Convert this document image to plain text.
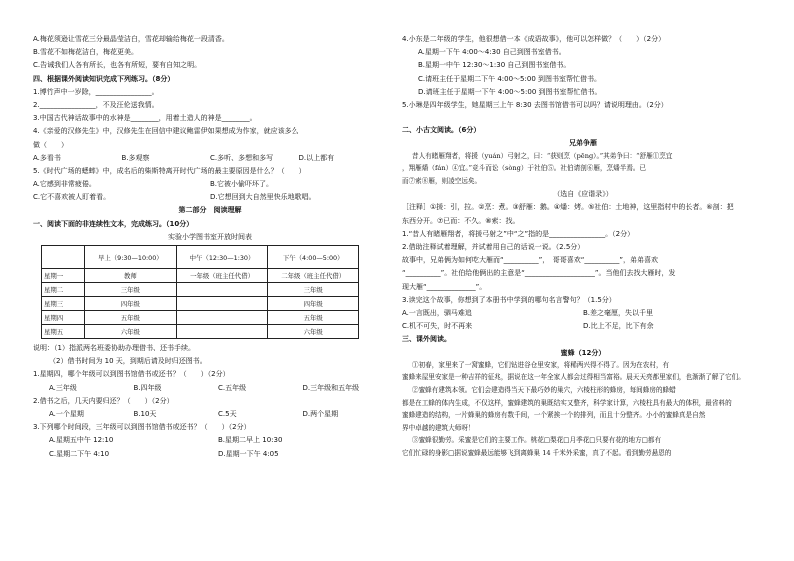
A.梅花须逊让雪花三分最晶莹洁白，雪花却输给梅花一段清香。
B.雪花不如梅花洁白，梅花更美。
C.告诫我们人各有所长，也各有所短，要有自知之明。
四、根据课外阅读知识完成下列练习。（8分）
1.博竹声中一岁除，________________。
2.________________，不及汪伦送我情。
3.中国古代神话故事中的水神是________，用着土造人的神是________。
4.《亲爱的汉修先生》中，汉修先生在回信中建议鲍雷伊如果想成为作家，就应该多么
做（　　）
A.多看书	B.多观察	C.多听、多想和多写	D.以上都有
5.《时代广场的蟋蟀》中，成名后的柴斯特离开时代广场的最主要原因是什么？（　　）
A.它感到非常疲倦。	B.它被小偷吓坏了。
C.它不喜欢被人盯着看。	D.它想回到大自然里快乐地歌唱。
第二部分　阅读理解
一、阅读下面的非连续性文本，完成练习。（10分）
实验小学图书室开放时间表
	早上（9:30—10:00）	中午（12:30—1:30）	下午（4:00—5:00）
星期一	教师	一年级（班主任代借）	二年级（班主任代借）
星期二	三年级		三年级
星期三	四年级		四年级
星期四	五年级		五年级
星期五	六年级		六年级
说明：（1）指派两名班委协助办理借书、还书手续。
（2）借书时间为 10 天，到期后请及时归还图书。
1.星期四，哪个年级可以到图书馆借书或还书？（　　）（2分）
A.三年级	B.四年级	C.五年级	D.三年级和五年级
2.借书之后，几天内要归还？（　　）（2分）
A.一个星期	B.10天	C.5天	D.两个星期
3.下列哪个时间段，三年级可以到图书馆借书或还书？（　　）（2分）
A.星期五中午 12:10	B.星期二早上 10:30
C.星期二下午 4:10	D.星期一下午 4:05
4.小东是二年级的学生，他很想借一本《成语故事》，他可以怎样做？（　　）（2分）
A.星期一下午 4:00～4:30 自己到图书室借书。
B.星期一中午 12:30～1:30 自己到图书室借书。
C.请班主任于星期二下午 4:00～5:00 到图书室帮忙借书。
D.请班主任于星期一下午 4:00～5:00 到图书室帮忙借书。
5.小琳是四年级学生，她星期三上午 8:30 去图书馆借书可以吗？请说明理由。（2分）
二、小古文阅读。（6分）
兄弟争雁
昔人有睹雁翔者，将援（yuán）弓射之，曰：“获则烹（pēng）。”其弟争曰：“舒雁①烹宜
，翔雁燔（fán）④宜。”竞斗而讼（sòng）于社伯⑤。社伯请剖⑥雁，烹燔半焉。已
而⑦索⑧雁，则凌空远矣。
（选自《应谐录》）
［注释］①援：引，拉。②烹：煮。③舒雁：鹅。④燔：烤。⑤社伯：土地神，这里指村中的长者。⑥剖：把
东西分开。⑦已而：不久。⑧索：找。
1.“昔人有睹雁翔者，将援弓射之”中“之”指的是________________。（2分）
2.借助注释试着理解，并试着用自己的话说一说。（2.5分）
故事中，兄弟俩为如何吃大雁而“__________”，　哥哥喜欢“__________”，弟弟喜欢
“__________”。社伯给他俩出的主意是“____________________”。当他们去找大雁时，发
现大雁“______________”。
3.读完这个故事，你想到了本册书中学到的哪句名言警句？（1.5分）
A.一言既出，驷马难追	B.差之毫厘，失以千里
C.机不可失，时不再来	D.比上不足，比下有余
三、课外阅读。
蜜蜂（12分）
①初春，家里来了一窝蜜蜂，它们钻进谷仓里安家，将稀两兴得不得了。因为在农村，有
蜜蜂来屋里安家是一种吉祥的征兆，据说在这一年全家人都会过得相当富裕。晨天天亮都里家们，也渐渐了解了它们。
②蜜蜂有建筑本领。它们会建造得当天下最巧妙的巢穴，六棱柱形的蜂房，每间蜂房的蜂蜡
都是在工蜂的体内生成，不仅这样，蜜蜂建筑的巢既结实又整齐，科学家计算，六棱柱具有最大的体积，最省料的
蜜蜂建造的结构，一片蜂巢的蜂房有数千间，一个紧挨一个的排列，而且十分整齐。小小的蜜蜂真是自然
界中卓越的建筑大师呀！
③蜜蜂很勤劳。采蜜是它们的主要工作。桃花□梨花□月季花□只要有花的地方□都有
它们忙碌的身影□据说蜜蜂最远能够飞到离蜂巢 14 千米外采蜜，真了不起。看到勤劳悬恩的
